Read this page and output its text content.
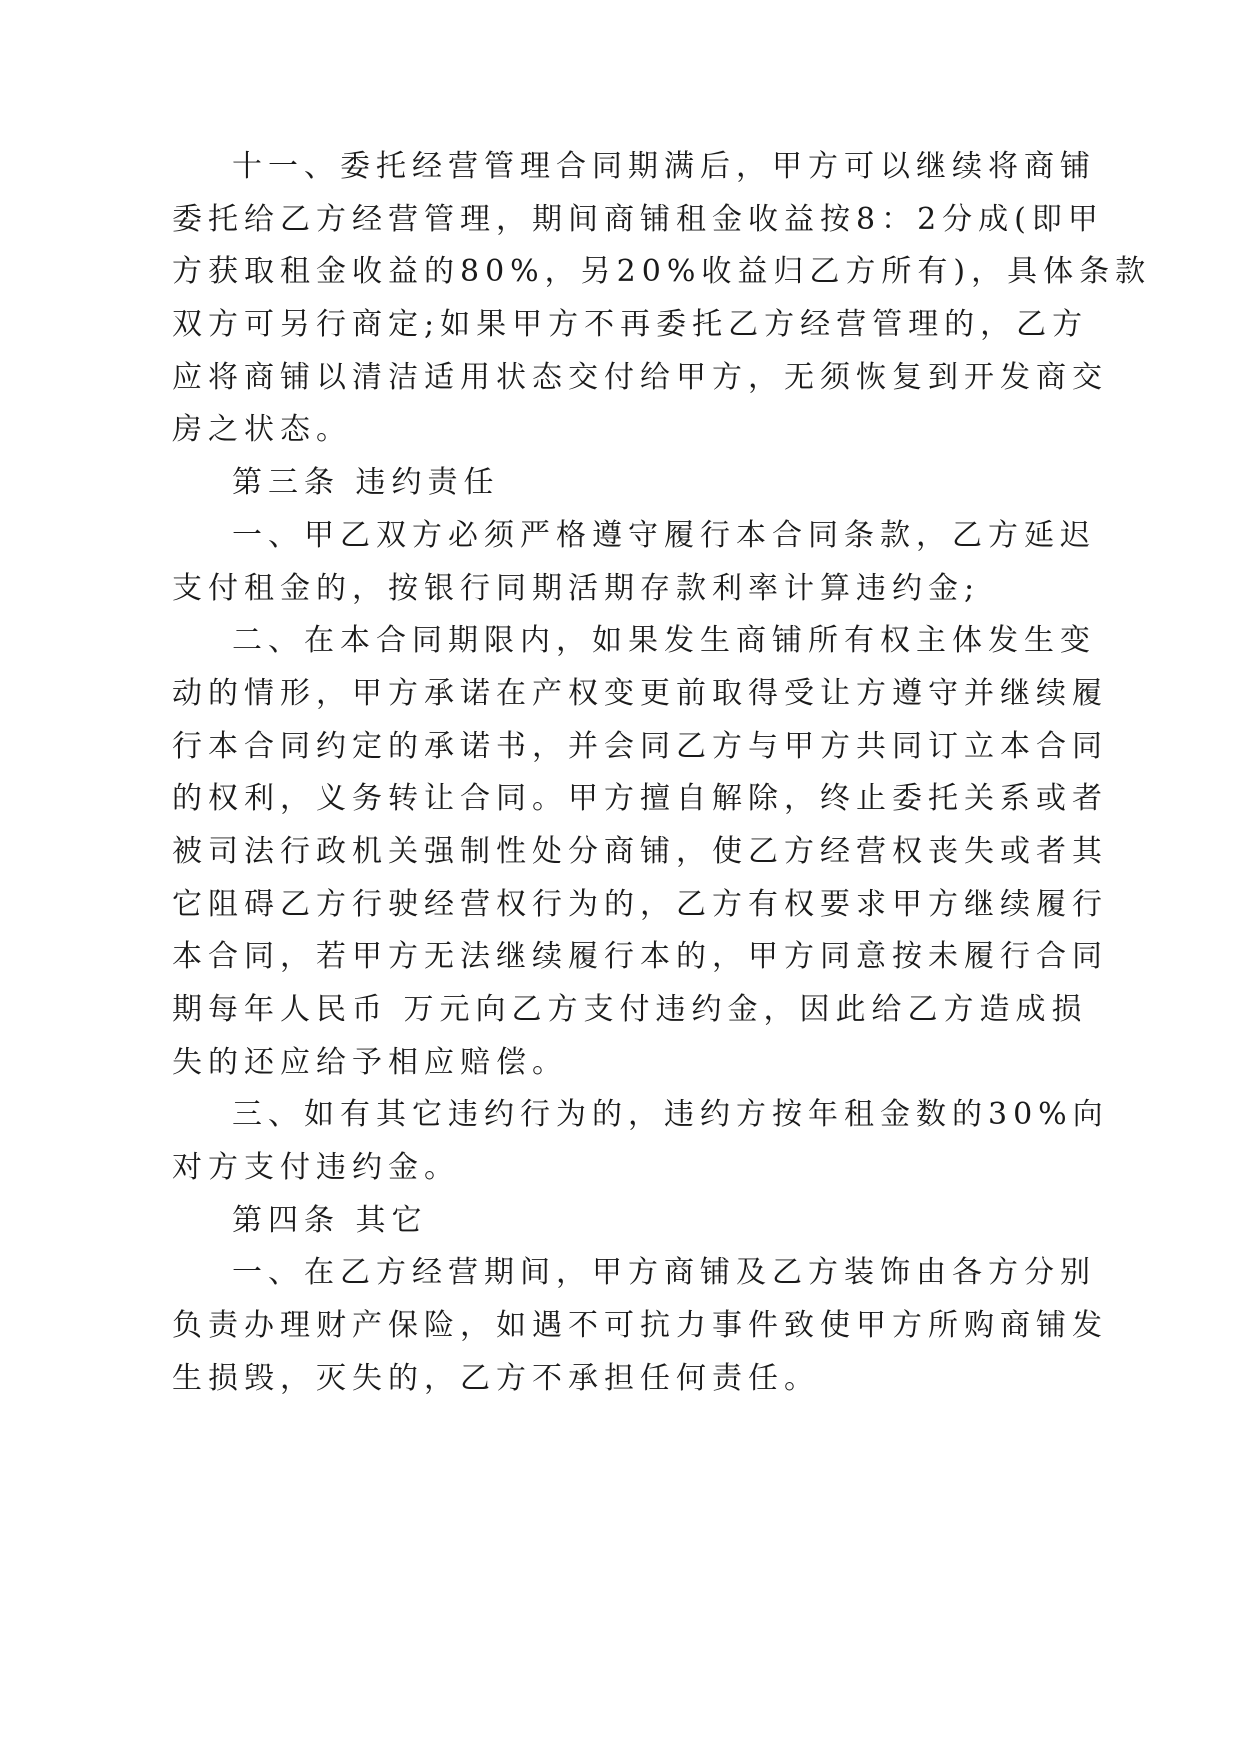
十一、委托经营管理合同期满后，甲方可以继续将商铺
委托给乙方经营管理，期间商铺租金收益按8：2分成(即甲
方获取租金收益的80%，另20%收益归乙方所有)，具体条款
双方可另行商定;如果甲方不再委托乙方经营管理的，乙方
应将商铺以清洁适用状态交付给甲方，无须恢复到开发商交
房之状态。
第三条 违约责任
一、甲乙双方必须严格遵守履行本合同条款，乙方延迟
支付租金的，按银行同期活期存款利率计算违约金;
二、在本合同期限内，如果发生商铺所有权主体发生变
动的情形，甲方承诺在产权变更前取得受让方遵守并继续履
行本合同约定的承诺书，并会同乙方与甲方共同订立本合同
的权利，义务转让合同。甲方擅自解除，终止委托关系或者
被司法行政机关强制性处分商铺，使乙方经营权丧失或者其
它阻碍乙方行驶经营权行为的，乙方有权要求甲方继续履行
本合同，若甲方无法继续履行本的，甲方同意按未履行合同
期每年人民币 万元向乙方支付违约金，因此给乙方造成损
失的还应给予相应赔偿。
三、如有其它违约行为的，违约方按年租金数的30%向
对方支付违约金。
第四条 其它
一、在乙方经营期间，甲方商铺及乙方装饰由各方分别
负责办理财产保险，如遇不可抗力事件致使甲方所购商铺发
生损毁，灭失的，乙方不承担任何责任。
